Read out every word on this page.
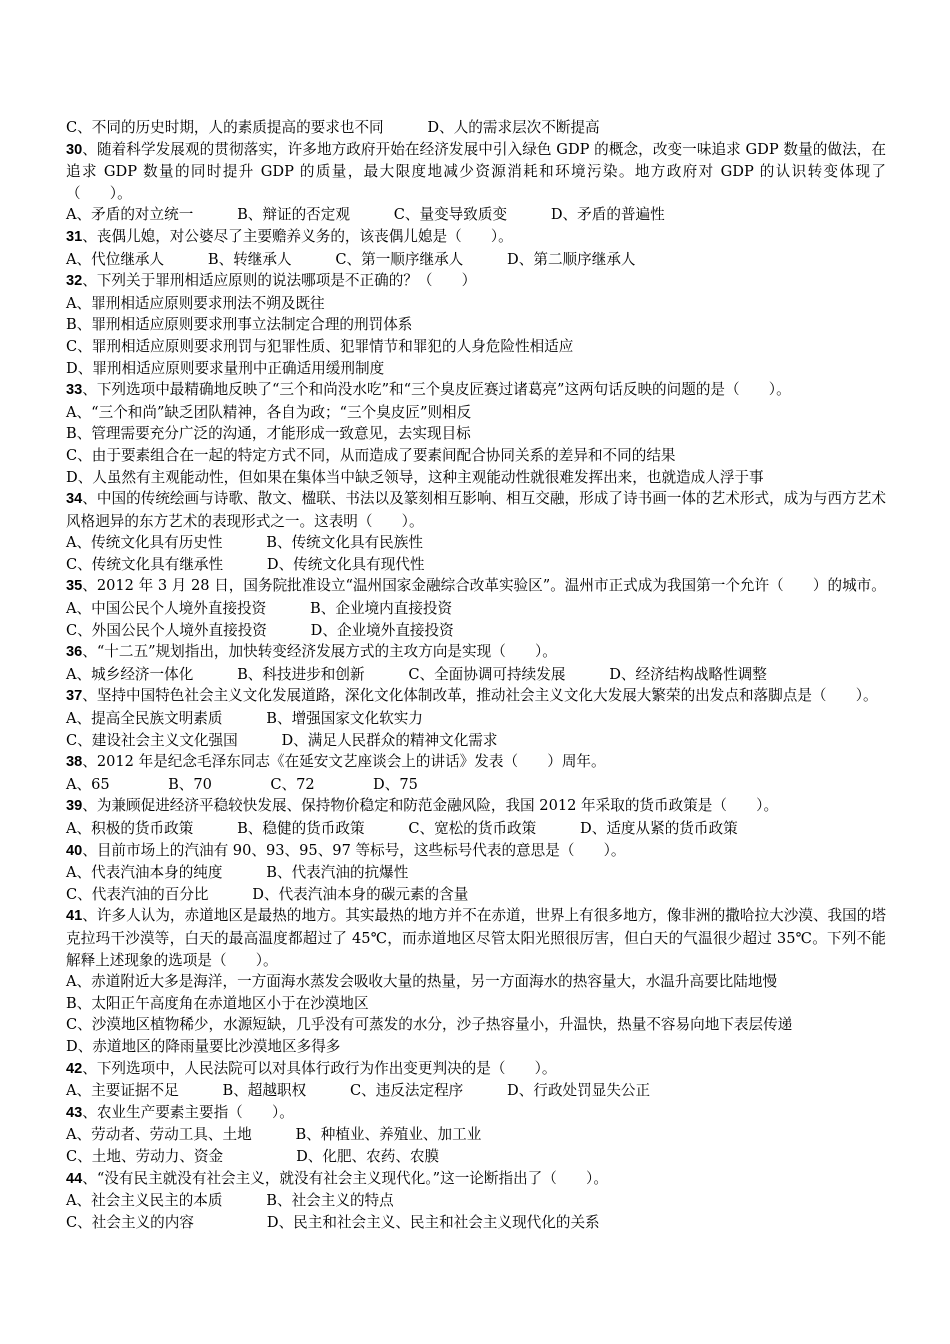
C、不同的历史时期，人的素质提高的要求也不同　　　D、人的需求层次不断提高
30、随着科学发展观的贯彻落实，许多地方政府开始在经济发展中引入绿色 GDP 的概念，改变一味追求 GDP 数量的做法，在追求 GDP 数量的同时提升 GDP 的质量，最大限度地减少资源消耗和环境污染。地方政府对 GDP 的认识转变体现了（　　）。
A、矛盾的对立统一　　　B、辩证的否定观　　　C、量变导致质变　　　D、矛盾的普遍性
31、丧偶儿媳，对公婆尽了主要赡养义务的，该丧偶儿媳是（　　）。
A、代位继承人　　　B、转继承人　　　C、第一顺序继承人　　　D、第二顺序继承人
32、下列关于罪刑相适应原则的说法哪项是不正确的？（　　）
A、罪刑相适应原则要求刑法不朔及既往
B、罪刑相适应原则要求刑事立法制定合理的刑罚体系
C、罪刑相适应原则要求刑罚与犯罪性质、犯罪情节和罪犯的人身危险性相适应
D、罪刑相适应原则要求量刑中正确适用缓刑制度
33、下列选项中最精确地反映了“三个和尚没水吃”和“三个臭皮匠赛过诸葛亮”这两句话反映的问题的是（　　）。
A、“三个和尚”缺乏团队精神，各自为政；“三个臭皮匠”则相反
B、管理需要充分广泛的沟通，才能形成一致意见，去实现目标
C、由于要素组合在一起的特定方式不同，从而造成了要素间配合协同关系的差异和不同的结果
D、人虽然有主观能动性，但如果在集体当中缺乏领导，这种主观能动性就很难发挥出来，也就造成人浮于事
34、中国的传统绘画与诗歌、散文、楹联、书法以及篆刻相互影响、相互交融，形成了诗书画一体的艺术形式，成为与西方艺术风格迥异的东方艺术的表现形式之一。这表明（　　）。
A、传统文化具有历史性　　　B、传统文化具有民族性
C、传统文化具有继承性　　　D、传统文化具有现代性
35、2012 年 3 月 28 日，国务院批准设立“温州国家金融综合改革实验区”。温州市正式成为我国第一个允许（　　）的城市。
A、中国公民个人境外直接投资　　　B、企业境内直接投资
C、外国公民个人境外直接投资　　　D、企业境外直接投资
36、“十二五”规划指出，加快转变经济发展方式的主攻方向是实现（　　）。
A、城乡经济一体化　　　B、科技进步和创新　　　C、全面协调可持续发展　　　D、经济结构战略性调整
37、坚持中国特色社会主义文化发展道路，深化文化体制改革，推动社会主义文化大发展大繁荣的出发点和落脚点是（　　）。
A、提高全民族文明素质　　　B、增强国家文化软实力
C、建设社会主义文化强国　　　D、满足人民群众的精神文化需求
38、2012 年是纪念毛泽东同志《在延安文艺座谈会上的讲话》发表（　　）周年。
A、65　　　　B、70　　　　C、72　　　　D、75
39、为兼顾促进经济平稳较快发展、保持物价稳定和防范金融风险，我国 2012 年采取的货币政策是（　　）。
A、积极的货币政策　　　B、稳健的货币政策　　　C、宽松的货币政策　　　D、适度从紧的货币政策
40、目前市场上的汽油有 90、93、95、97 等标号，这些标号代表的意思是（　　）。
A、代表汽油本身的纯度　　　B、代表汽油的抗爆性
C、代表汽油的百分比　　　D、代表汽油本身的碳元素的含量
41、许多人认为，赤道地区是最热的地方。其实最热的地方并不在赤道，世界上有很多地方，像非洲的撒哈拉大沙漠、我国的塔克拉玛干沙漠等，白天的最高温度都超过了 45℃，而赤道地区尽管太阳光照很厉害，但白天的气温很少超过 35℃。下列不能解释上述现象的选项是（　　）。
A、赤道附近大多是海洋，一方面海水蒸发会吸收大量的热量，另一方面海水的热容量大，水温升高要比陆地慢
B、太阳正午高度角在赤道地区小于在沙漠地区
C、沙漠地区植物稀少，水源短缺，几乎没有可蒸发的水分，沙子热容量小，升温快，热量不容易向地下表层传递
D、赤道地区的降雨量要比沙漠地区多得多
42、下列选项中，人民法院可以对具体行政行为作出变更判决的是（　　）。
A、主要证据不足　　　B、超越职权　　　C、违反法定程序　　　D、行政处罚显失公正
43、农业生产要素主要指（　　）。
A、劳动者、劳动工具、土地　　　B、种植业、养殖业、加工业
C、土地、劳动力、资金　　　　　D、化肥、农药、农膜
44、“没有民主就没有社会主义，就没有社会主义现代化。”这一论断指出了（　　）。
A、社会主义民主的本质　　　B、社会主义的特点
C、社会主义的内容　　　　　D、民主和社会主义、民主和社会主义现代化的关系
